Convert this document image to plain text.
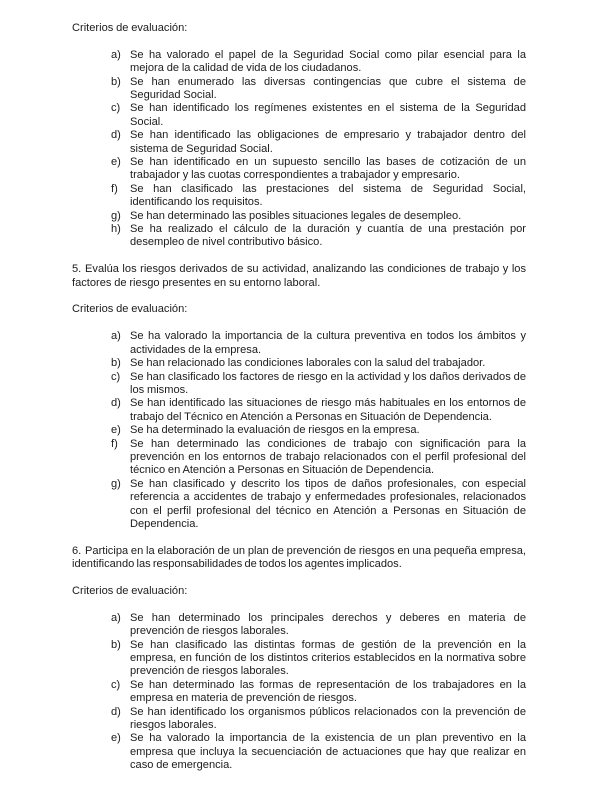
Criterios de evaluación:
a) Se ha valorado el papel de la Seguridad Social como pilar esencial para la mejora de la calidad de vida de los ciudadanos.
b) Se han enumerado las diversas contingencias que cubre el sistema de Seguridad Social.
c) Se han identificado los regímenes existentes en el sistema de la Seguridad Social.
d) Se han identificado las obligaciones de empresario y trabajador dentro del sistema de Seguridad Social.
e) Se han identificado en un supuesto sencillo las bases de cotización de un trabajador y las cuotas correspondientes a trabajador y empresario.
f) Se han clasificado las prestaciones del sistema de Seguridad Social, identificando los requisitos.
g) Se han determinado las posibles situaciones legales de desempleo.
h) Se ha realizado el cálculo de la duración y cuantía de una prestación por desempleo de nivel contributivo básico.
5. Evalúa los riesgos derivados de su actividad, analizando las condiciones de trabajo y los factores de riesgo presentes en su entorno laboral.
Criterios de evaluación:
a) Se ha valorado la importancia de la cultura preventiva en todos los ámbitos y actividades de la empresa.
b) Se han relacionado las condiciones laborales con la salud del trabajador.
c) Se han clasificado los factores de riesgo en la actividad y los daños derivados de los mismos.
d) Se han identificado las situaciones de riesgo más habituales en los entornos de trabajo del Técnico en Atención a Personas en Situación de Dependencia.
e) Se ha determinado la evaluación de riesgos en la empresa.
f) Se han determinado las condiciones de trabajo con significación para la prevención en los entornos de trabajo relacionados con el perfil profesional del técnico en Atención a Personas en Situación de Dependencia.
g) Se han clasificado y descrito los tipos de daños profesionales, con especial referencia a accidentes de trabajo y enfermedades profesionales, relacionados con el perfil profesional del técnico en Atención a Personas en Situación de Dependencia.
6. Participa en la elaboración de un plan de prevención de riesgos en una pequeña empresa, identificando las responsabilidades de todos los agentes implicados.
Criterios de evaluación:
a) Se han determinado los principales derechos y deberes en materia de prevención de riesgos laborales.
b) Se han clasificado las distintas formas de gestión de la prevención en la empresa, en función de los distintos criterios establecidos en la normativa sobre prevención de riesgos laborales.
c) Se han determinado las formas de representación de los trabajadores en la empresa en materia de prevención de riesgos.
d) Se han identificado los organismos públicos relacionados con la prevención de riesgos laborales.
e) Se ha valorado la importancia de la existencia de un plan preventivo en la empresa que incluya la secuenciación de actuaciones que hay que realizar en caso de emergencia.
